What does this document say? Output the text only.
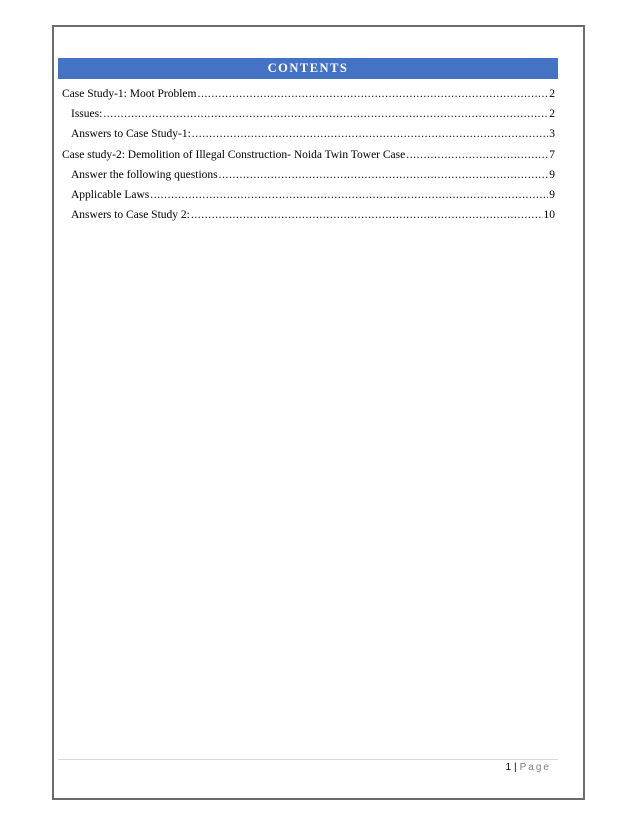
CONTENTS
Case Study-1: Moot Problem .....	2
Issues: .....	2
Answers to Case Study-1: .....	3
Case study-2: Demolition of Illegal Construction- Noida Twin Tower Case .....	7
Answer the following questions .....	9
Applicable Laws .....	9
Answers to Case Study 2: .....	10
1 | Page
